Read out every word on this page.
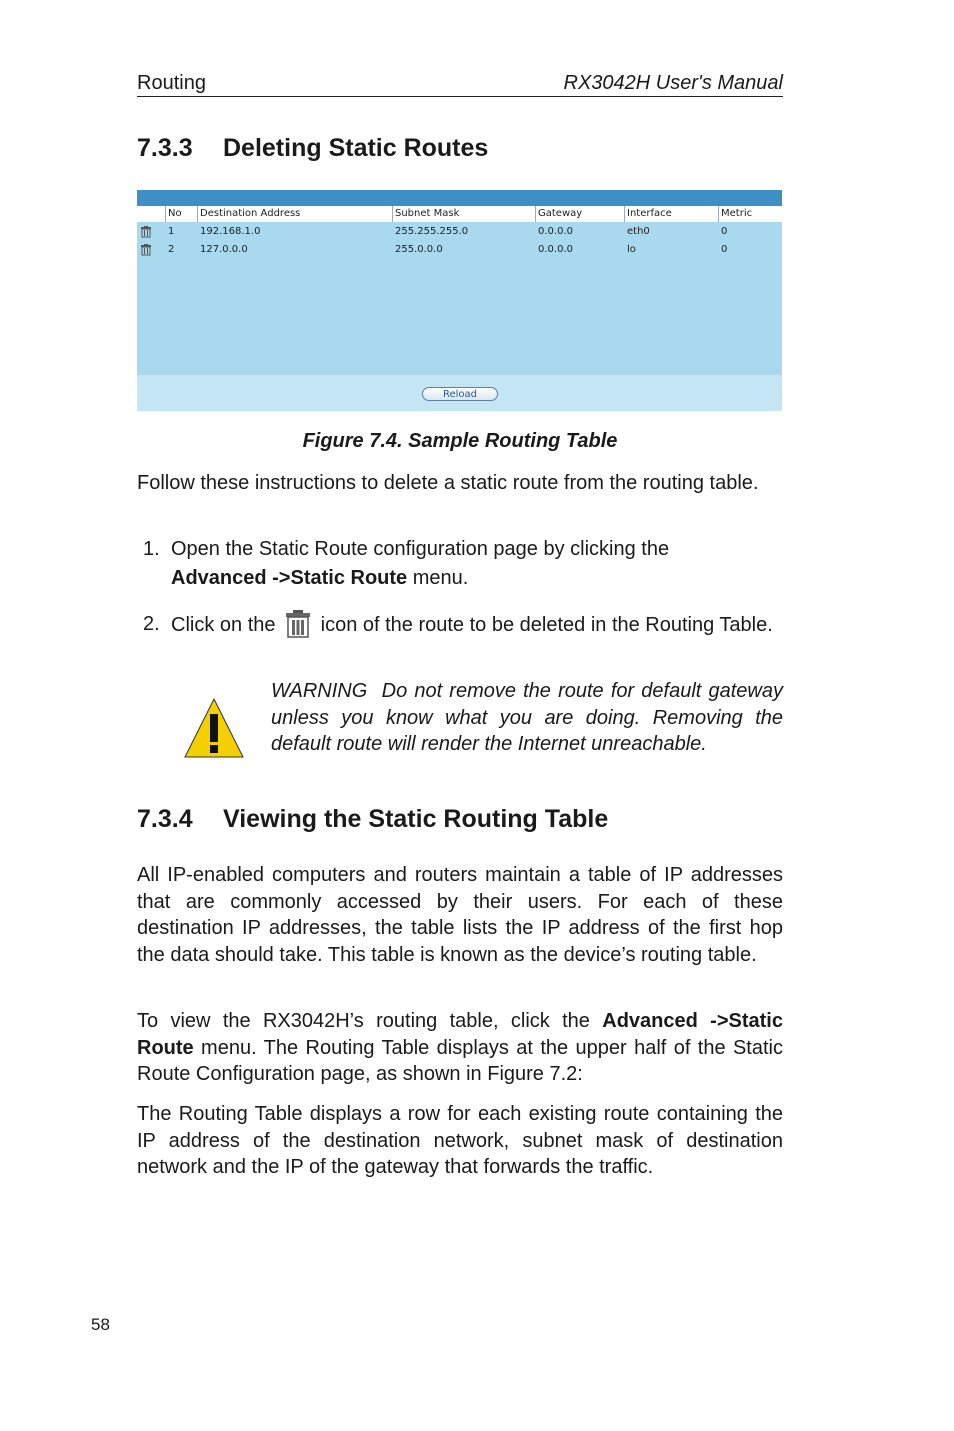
Routing	RX3042H User's Manual
7.3.3 Deleting Static Routes
No Destination Address	Subnet Mask	Gateway	Interface	Metric
1	192.168.1.0	255.255.255.0	0.0.0.0	eth0	0
2	127.0.0.0	255.0.0.0	0.0.0.0	lo	0
Reload
Figure 7.4. Sample Routing Table
Follow these instructions to delete a static route from the routing table.
1. Open the Static Route configuration page by clicking the
Advanced ->Static Route menu.
2. Click on the icon of the route to be deleted in the Routing Table.
WARNING Do not remove the route for default gateway unless you know what you are doing. Removing the default route will render the Internet unreachable.
7.3.4 Viewing the Static Routing Table
All IP-enabled computers and routers maintain a table of IP addresses that are commonly accessed by their users. For each of these destination IP addresses, the table lists the IP address of the first hop the data should take. This table is known as the device’s routing table.
To view the RX3042H’s routing table, click the Advanced ->Static Route menu. The Routing Table displays at the upper half of the Static Route Configuration page, as shown in Figure 7.2:
The Routing Table displays a row for each existing route containing the IP address of the destination network, subnet mask of destination network and the IP of the gateway that forwards the traffic.
58
